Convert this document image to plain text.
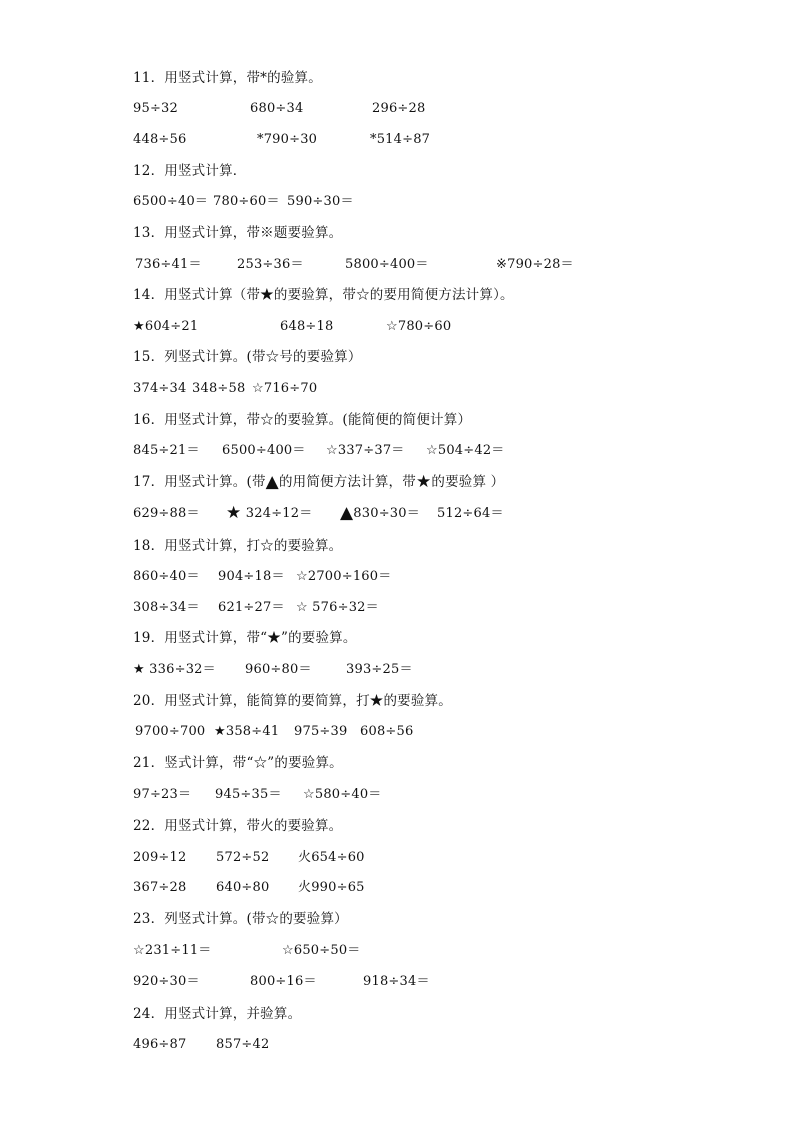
11．用竖式计算，带*的验算。
95÷32	680÷34	296÷28
448÷56	*790÷30	*514÷87
12．用竖式计算．
6500÷40＝ 780÷60＝ 590÷30＝
13．用竖式计算，带※题要验算。
736÷41＝	253÷36＝	5800÷400＝	※790÷28＝
14．用竖式计算（带★的要验算，带☆的要用简便方法计算）。
★604÷21	648÷18	☆780÷60
15．列竖式计算。(带☆号的要验算）
374÷34 348÷58 ☆716÷70
16．用竖式计算，带☆的要验算。(能简便的简便计算）
845÷21＝ 6500÷400＝ ☆337÷37＝ ☆504÷42＝
17．用竖式计算。(带▲的用简便方法计算，带★的要验算 ）
629÷88＝ ★ 324÷12＝ ▲830÷30＝ 512÷64＝
18．用竖式计算，打☆的要验算。
860÷40＝ 904÷18＝ ☆2700÷160＝
308÷34＝ 621÷27＝ ☆ 576÷32＝
19．用竖式计算，带“★”的要验算。
★ 336÷32＝ 960÷80＝	393÷25＝
20．用竖式计算，能简算的要简算，打★的要验算。
9700÷700 ★358÷41 975÷39 608÷56
21．竖式计算，带“☆”的要验算。
97÷23＝ 945÷35＝ ☆580÷40＝
22．用竖式计算，带火的要验算。
209÷12 572÷52 火654÷60
367÷28 640÷80 火990÷65
23．列竖式计算。(带☆的要验算）
☆231÷11＝	☆650÷50＝
920÷30＝	800÷16＝	918÷34＝
24．用竖式计算，并验算。
496÷87 857÷42
